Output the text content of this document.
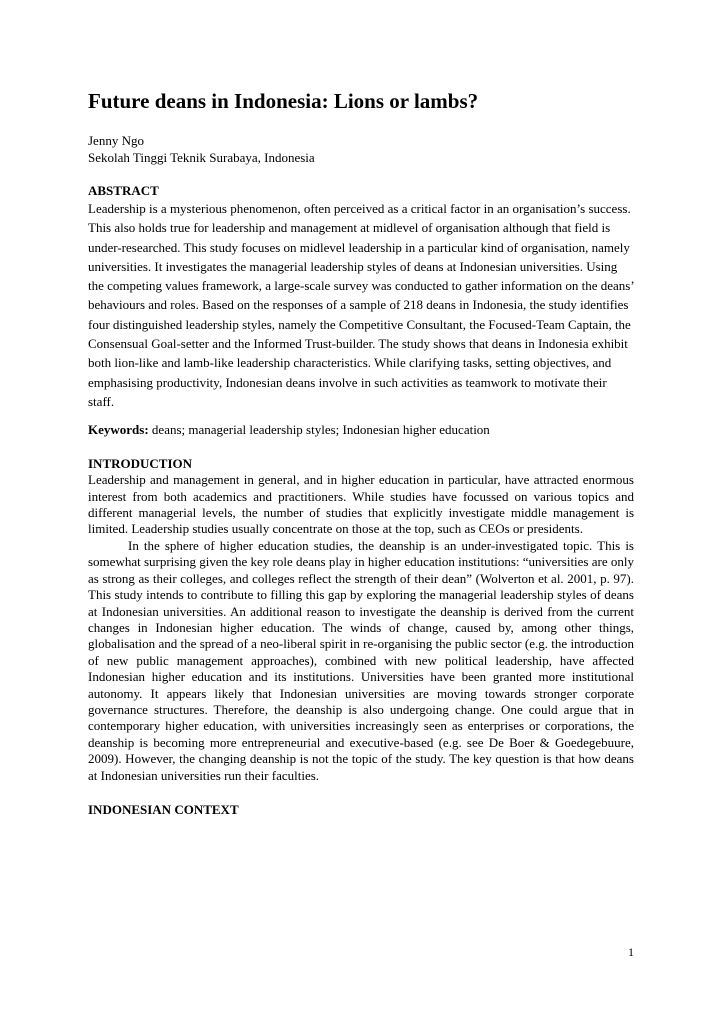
Future deans in Indonesia: Lions or lambs?
Jenny Ngo
Sekolah Tinggi Teknik Surabaya, Indonesia
ABSTRACT
Leadership is a mysterious phenomenon, often perceived as a critical factor in an organisation’s success. This also holds true for leadership and management at midlevel of organisation although that field is under-researched. This study focuses on midlevel leadership in a particular kind of organisation, namely universities. It investigates the managerial leadership styles of deans at Indonesian universities. Using the competing values framework, a large-scale survey was conducted to gather information on the deans’ behaviours and roles. Based on the responses of a sample of 218 deans in Indonesia, the study identifies four distinguished leadership styles, namely the Competitive Consultant, the Focused-Team Captain, the Consensual Goal-setter and the Informed Trust-builder. The study shows that deans in Indonesia exhibit both lion-like and lamb-like leadership characteristics. While clarifying tasks, setting objectives, and emphasising productivity, Indonesian deans involve in such activities as teamwork to motivate their staff.
Keywords: deans; managerial leadership styles; Indonesian higher education
INTRODUCTION

Leadership and management in general, and in higher education in particular, have attracted enormous interest from both academics and practitioners. While studies have focussed on various topics and different managerial levels, the number of studies that explicitly investigate middle management is limited. Leadership studies usually concentrate on those at the top, such as CEOs or presidents.

In the sphere of higher education studies, the deanship is an under-investigated topic. This is somewhat surprising given the key role deans play in higher education institutions: “universities are only as strong as their colleges, and colleges reflect the strength of their dean” (Wolverton et al. 2001, p. 97). This study intends to contribute to filling this gap by exploring the managerial leadership styles of deans at Indonesian universities. An additional reason to investigate the deanship is derived from the current changes in Indonesian higher education. The winds of change, caused by, among other things, globalisation and the spread of a neo-liberal spirit in re-organising the public sector (e.g. the introduction of new public management approaches), combined with new political leadership, have affected Indonesian higher education and its institutions. Universities have been granted more institutional autonomy. It appears likely that Indonesian universities are moving towards stronger corporate governance structures. Therefore, the deanship is also undergoing change. One could argue that in contemporary higher education, with universities increasingly seen as enterprises or corporations, the deanship is becoming more entrepreneurial and executive-based (e.g. see De Boer & Goedegebuure, 2009). However, the changing deanship is not the topic of the study. The key question is that how deans at Indonesian universities run their faculties.

INDONESIAN CONTEXT
1
